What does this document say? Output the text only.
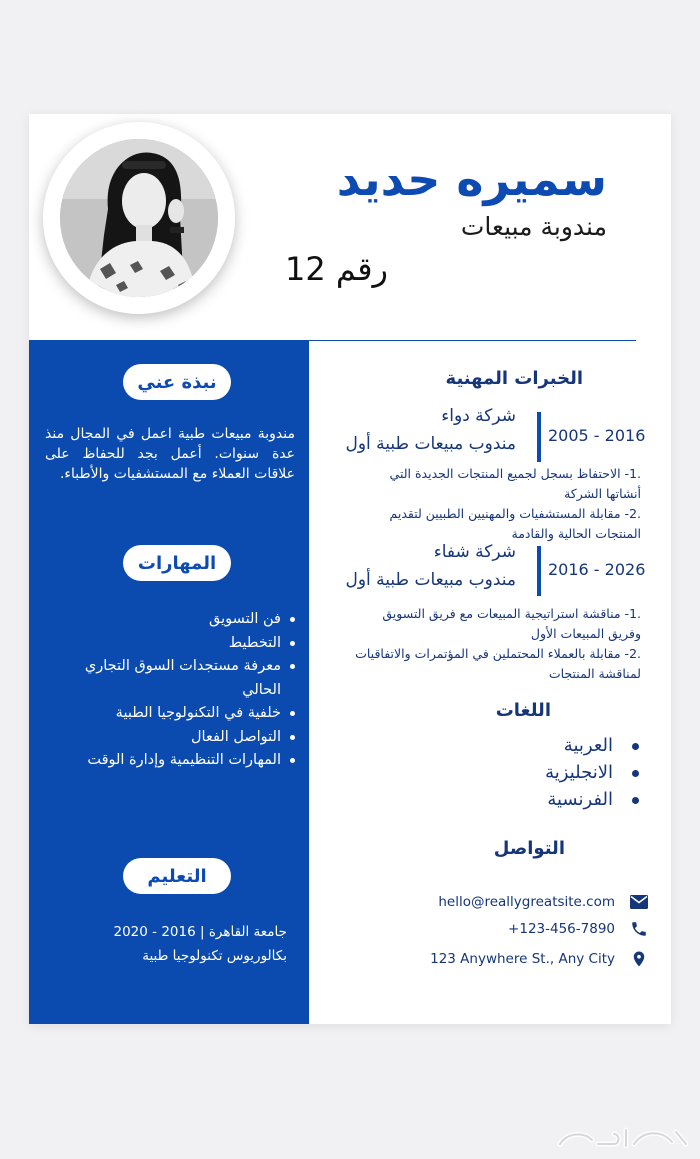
سميره حديد
مندوبة مبيعات
رقم 12
نبذة عني
مندوبة مبيعات طبية اعمل في المجال منذ عدة سنوات. أعمل بجد للحفاظ على علاقات العملاء مع المستشفيات والأطباء.
المهارات
فن التسويق
التخطيط
معرفة مستجدات السوق التجاري الحالي
خلفية في التكنولوجيا الطبية
التواصل الفعال
المهارات التنظيمية وإدارة الوقت
التعليم
جامعة القاهرة | 2016 - 2020
بكالوريوس تكنولوجيا طبية
الخبرات المهنية
2005 - 2016
شركة دواء
مندوب مبيعات طبية أول
.1- الاحتفاظ بسجل لجميع المنتجات الجديدة التي أنشاتها الشركة
.2- مقابلة المستشفيات والمهنيين الطبيين لتقديم المنتجات الحالية والقادمة
2016 - 2026
شركة شفاء
مندوب مبيعات طبية أول
.1- مناقشة استراتيجية المبيعات مع فريق التسويق وفريق المبيعات الأول
.2- مقابلة بالعملاء المحتملين في المؤتمرات والاتفاقيات لمناقشة المنتجات
اللغات
العربية
الانجليزية
الفرنسية
التواصل
hello@reallygreatsite.com
+123-456-7890
123 Anywhere St., Any City
